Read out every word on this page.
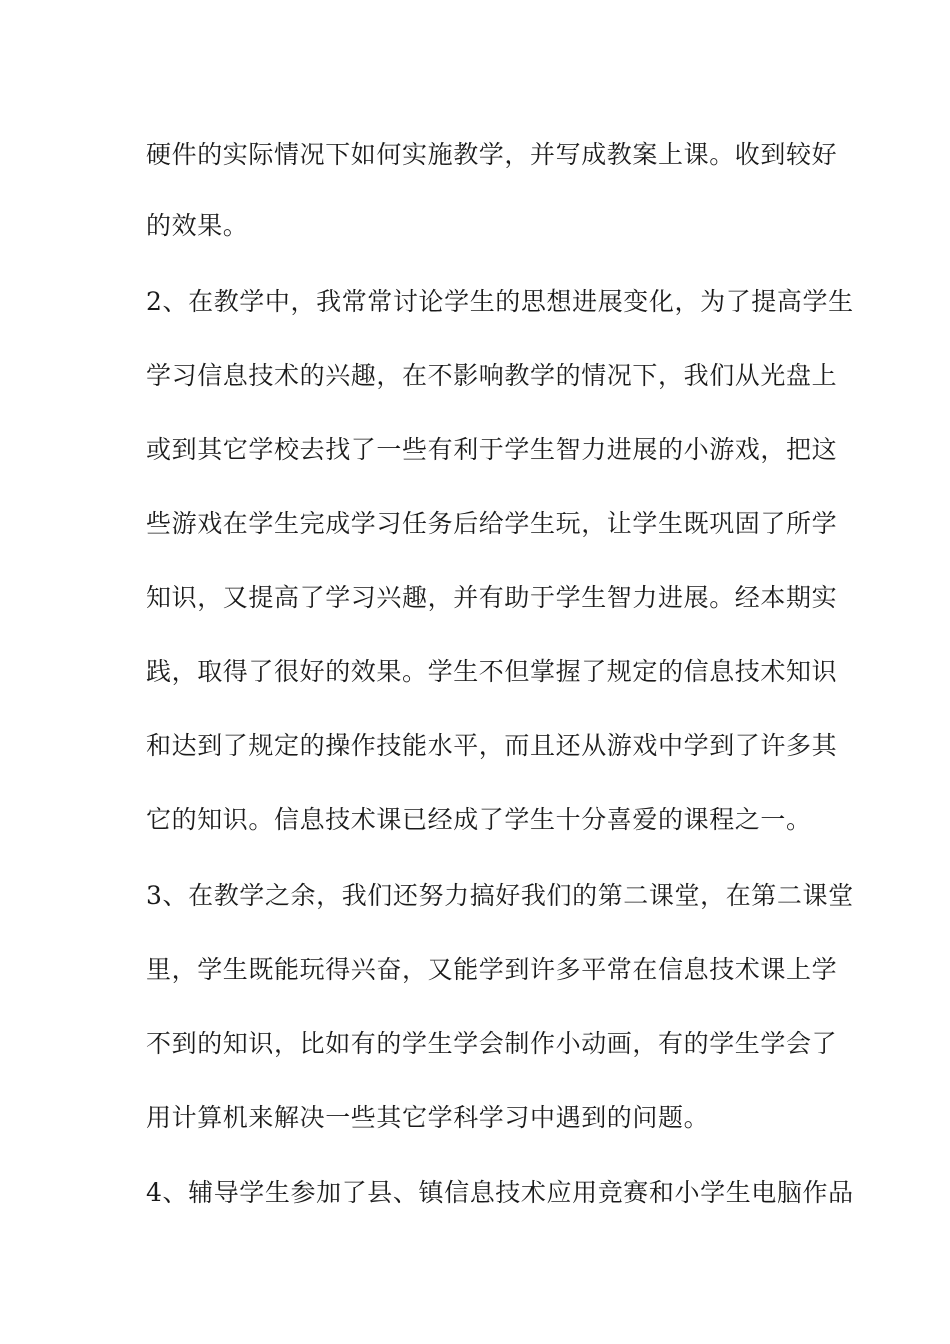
硬件的实际情况下如何实施教学，并写成教案上课。收到较好
的效果。
2、在教学中，我常常讨论学生的思想进展变化，为了提高学生
学习信息技术的兴趣，在不影响教学的情况下，我们从光盘上
或到其它学校去找了一些有利于学生智力进展的小游戏，把这
些游戏在学生完成学习任务后给学生玩，让学生既巩固了所学
知识，又提高了学习兴趣，并有助于学生智力进展。经本期实
践，取得了很好的效果。学生不但掌握了规定的信息技术知识
和达到了规定的操作技能水平，而且还从游戏中学到了许多其
它的知识。信息技术课已经成了学生十分喜爱的课程之一。
3、在教学之余，我们还努力搞好我们的第二课堂，在第二课堂
里，学生既能玩得兴奋，又能学到许多平常在信息技术课上学
不到的知识，比如有的学生学会制作小动画，有的学生学会了
用计算机来解决一些其它学科学习中遇到的问题。
4、辅导学生参加了县、镇信息技术应用竞赛和小学生电脑作品
